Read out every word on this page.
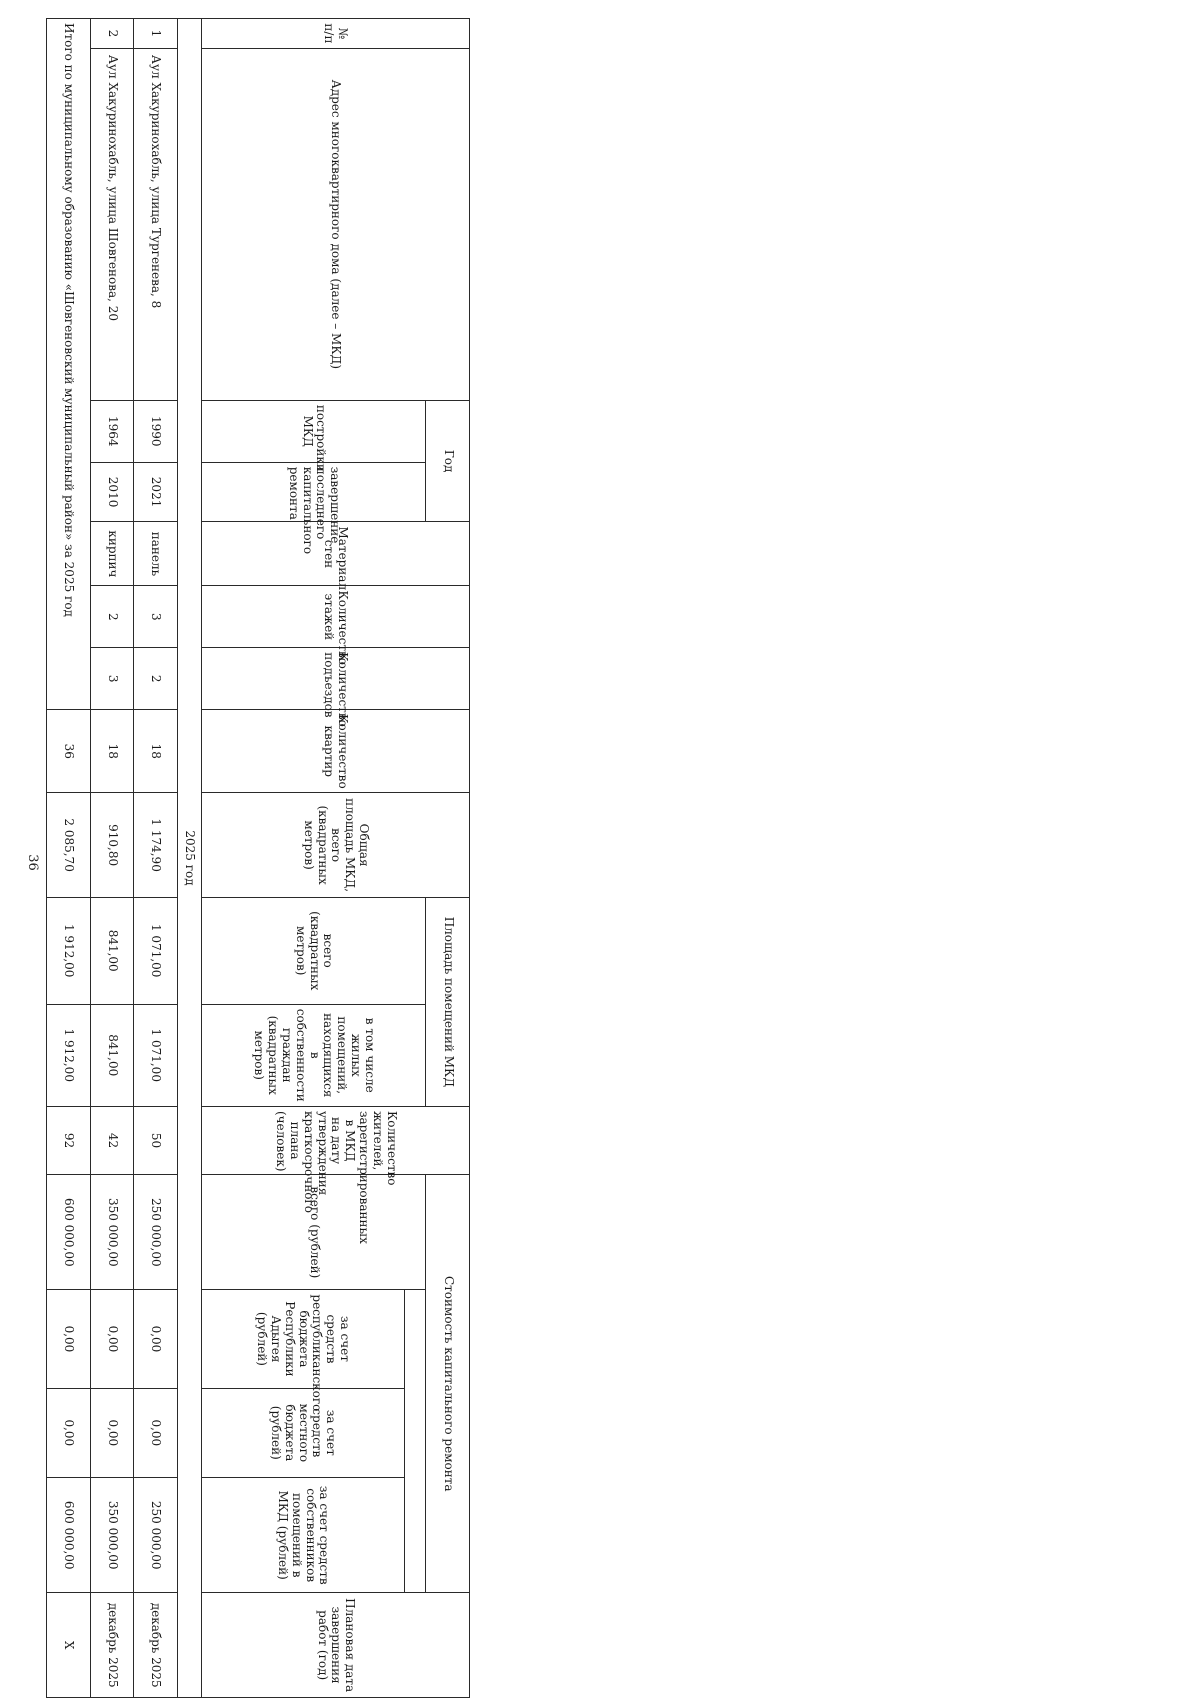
36
№ п/п	Адрес многоквартирного дома (далее – МКД)	Год		Материал стен	Количество этажей	Количество подъездов	Количество квартир	Общая площадь МКД, всего (квадратных метров)	Площадь помещений МКД		Количество жителей, зарегистрированных в МКД на дату утверждения краткосрочного плана (человек)	Стоимость капитального ремонта				Плановая дата завершения работ (год)
		постройки МКД	завершение последнего капитального ремонта						всего (квадратных метров)	в том числе жилых помещений, находящихся в собственности граждан (квадратных метров)		всего (рублей)				
													за счет средств республиканского бюджета Республики Адыгея (рублей)	за счет средств местного бюджета (рублей)	за счет средств собственников помещений в МКД (рублей)	
2025 год																
1	Аул Хакуринохабль, улица Тургенева, 8	1990	2021	панель	3	2	18	1 174,90	1 071,00	1 071,00	50	250 000,00	0,00	0,00	250 000,00	декабрь 2025
2	Аул Хакуринохабль, улица Шовгенова, 20	1964	2010	кирпич	2	3	18	910,80	841,00	841,00	42	350 000,00	0,00	0,00	350 000,00	декабрь 2025
Итого по муниципальному образованию «Шовгеновский муниципальный район» за 2025 год							36	2 085,70	1 912,00	1 912,00	92	600 000,00	0,00	0,00	600 000,00	Х
